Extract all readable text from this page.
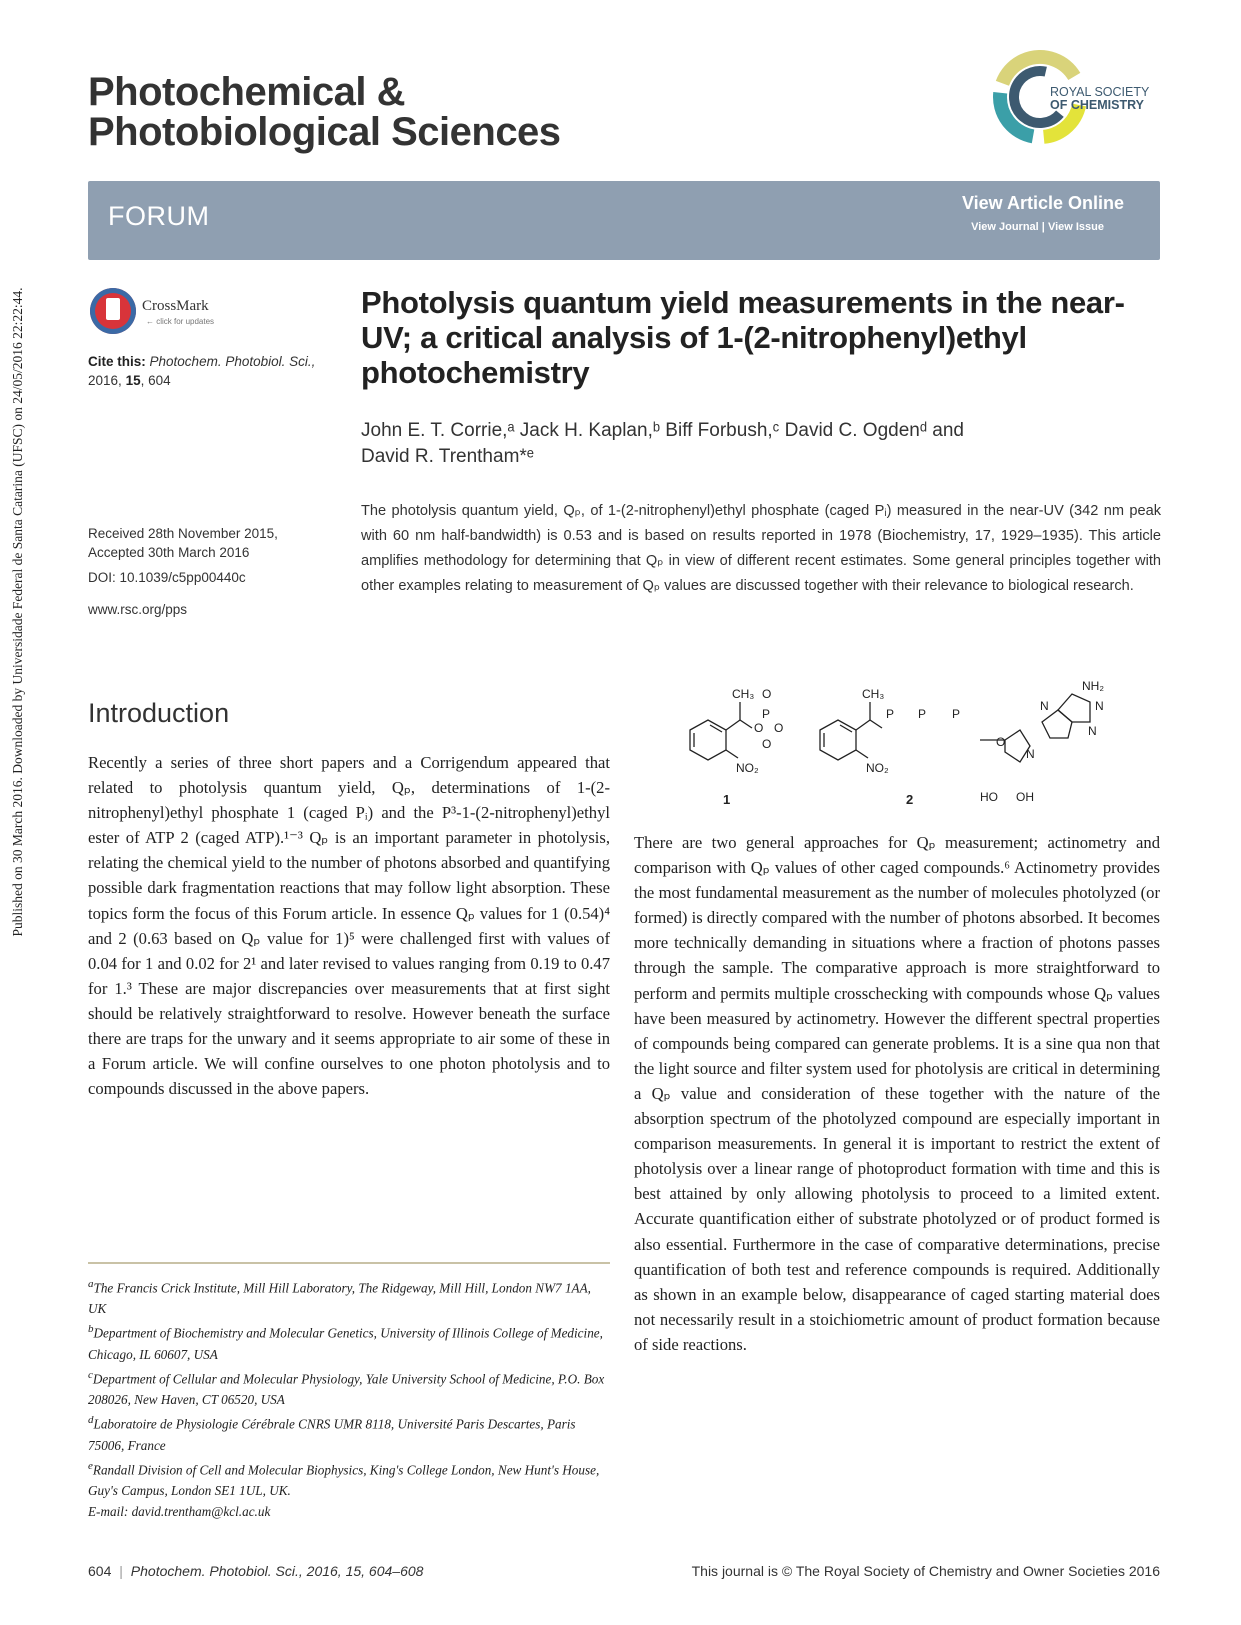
Published on 30 March 2016. Downloaded by Universidade Federal de Santa Catarina (UFSC) on 24/05/2016 22:22:44.
Photochemical &
Photobiological Sciences
ROYAL SOCIETY
OF CHEMISTRY
FORUM	View Article Online
View Journal | View Issue
CrossMark
← click for updates
Cite this: Photochem. Photobiol. Sci.,
2016, 15, 604
Photolysis quantum yield measurements in the near-UV; a critical analysis of 1-(2-nitrophenyl)ethyl photochemistry
John E. T. Corrie,ᵃ Jack H. Kaplan,ᵇ Biff Forbush,ᶜ David C. Ogdenᵈ and
David R. Trentham*ᵉ
Received 28th November 2015,
Accepted 30th March 2016
DOI: 10.1039/c5pp00440c
www.rsc.org/pps
The photolysis quantum yield, Qₚ, of 1-(2-nitrophenyl)ethyl phosphate (caged Pᵢ) measured in the near-UV (342 nm peak with 60 nm half-bandwidth) is 0.53 and is based on results reported in 1978 (Biochemistry, 17, 1929–1935). This article amplifies methodology for determining that Qₚ in view of different recent estimates. Some general principles together with other examples relating to measurement of Qₚ values are discussed together with their relevance to biological research.
Introduction
Recently a series of three short papers and a Corrigendum appeared that related to photolysis quantum yield, Qₚ, determinations of 1-(2-nitrophenyl)ethyl phosphate 1 (caged Pᵢ) and the P³-1-(2-nitrophenyl)ethyl ester of ATP 2 (caged ATP).¹⁻³ Qₚ is an important parameter in photolysis, relating the chemical yield to the number of photons absorbed and quantifying possible dark fragmentation reactions that may follow light absorption. These topics form the focus of this Forum article. In essence Qₚ values for 1 (0.54)⁴ and 2 (0.63 based on Qₚ value for 1)⁵ were challenged first with values of 0.04 for 1 and 0.02 for 2¹ and later revised to values ranging from 0.19 to 0.47 for 1.³ These are major discrepancies over measurements that at first sight should be relatively straightforward to resolve. However beneath the surface there are traps for the unwary and it seems appropriate to air some of these in a Forum article. We will confine ourselves to one photon photolysis and to compounds discussed in the above papers.
CH₃ O
O
P
O
O
NO₂
CH₃
P P P
NO₂
NH₂
O
N
N
N
N
HO OH
1	2
There are two general approaches for Qₚ measurement; actinometry and comparison with Qₚ values of other caged compounds.⁶ Actinometry provides the most fundamental measurement as the number of molecules photolyzed (or formed) is directly compared with the number of photons absorbed. It becomes more technically demanding in situations where a fraction of photons passes through the sample. The comparative approach is more straightforward to perform and permits multiple crosschecking with compounds whose Qₚ values have been measured by actinometry. However the different spectral properties of compounds being compared can generate problems. It is a sine qua non that the light source and filter system used for photolysis are critical in determining a Qₚ value and consideration of these together with the nature of the absorption spectrum of the photolyzed compound are especially important in comparison measurements. In general it is important to restrict the extent of photolysis over a linear range of photoproduct formation with time and this is best attained by only allowing photolysis to proceed to a limited extent. Accurate quantification either of substrate photolyzed or of product formed is also essential. Furthermore in the case of comparative determinations, precise quantification of both test and reference compounds is required. Additionally as shown in an example below, disappearance of caged starting material does not necessarily result in a stoichiometric amount of product formation because of side reactions.
$^a$The Francis Crick Institute, Mill Hill Laboratory, The Ridgeway, Mill Hill, London NW7 1AA, UK
$^b$Department of Biochemistry and Molecular Genetics, University of Illinois College of Medicine, Chicago, IL 60607, USA
$^c$Department of Cellular and Molecular Physiology, Yale University School of Medicine, P.O. Box 208026, New Haven, CT 06520, USA
$^d$Laboratoire de Physiologie Cérébrale CNRS UMR 8118, Université Paris Descartes, Paris 75006, France
$^e$Randall Division of Cell and Molecular Biophysics, King's College London, New Hunt's House, Guy's Campus, London SE1 1UL, UK.
E-mail: david.trentham@kcl.ac.uk
604 | Photochem. Photobiol. Sci., 2016, 15, 604–608	This journal is © The Royal Society of Chemistry and Owner Societies 2016
